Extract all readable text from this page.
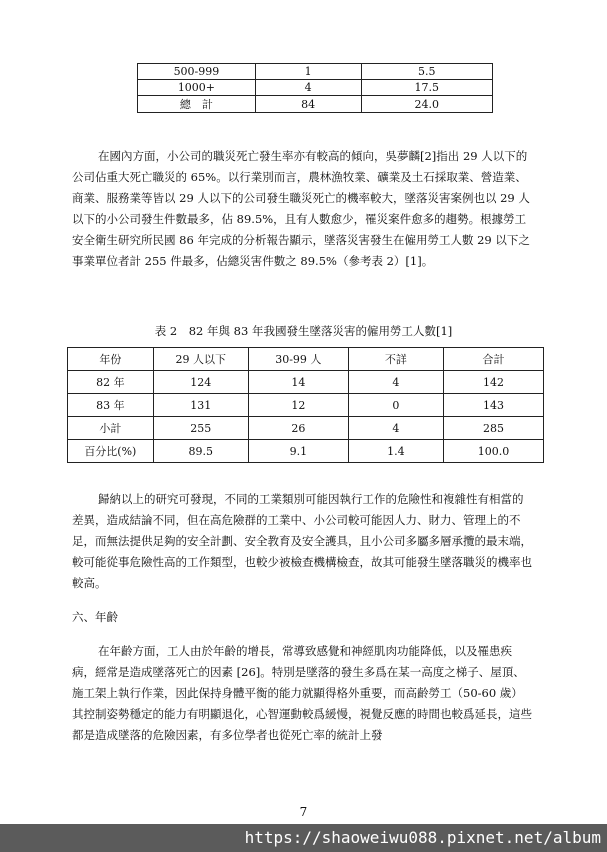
500-999	1	5.5
1000+	4	17.5
總　計	84	24.0

在國內方面，小公司的職災死亡發生率亦有較高的傾向，吳夢麟[2]指出 29 人以下的公司佔重大死亡職災的 65%。以行業別而言，農林漁牧業、礦業及土石採取業、營造業、商業、服務業等皆以 29 人以下的公司發生職災死亡的機率較大，墜落災害案例也以 29 人以下的小公司發生件數最多，佔 89.5%，且有人數愈少，罹災案件愈多的趨勢。根據勞工安全衛生研究所民國 86 年完成的分析報告顯示，墜落災害發生在僱用勞工人數 29 以下之事業單位者計 255 件最多，佔總災害件數之 89.5%（參考表 2）[1]。

表 2　82 年與 83 年我國發生墜落災害的僱用勞工人數[1]
年份	29 人以下	30-99 人	不詳	合計
82 年	124	14	4	142
83 年	131	12	0	143
小計	255	26	4	285
百分比(%)	89.5	9.1	1.4	100.0

歸納以上的研究可發現，不同的工業類別可能因執行工作的危險性和複雜性有相當的差異，造成結論不同，但在高危險群的工業中、小公司較可能因人力、財力、管理上的不足，而無法提供足夠的安全計劃、安全教育及安全護具，且小公司多屬多層承攬的最末端，較可能從事危險性高的工作類型，也較少被檢查機構檢查，故其可能發生墜落職災的機率也較高。

六、年齡

在年齡方面，工人由於年齡的增長，常導致感覺和神經肌肉功能降低，以及罹患疾病，經常是造成墜落死亡的因素 [26]。特別是墜落的發生多爲在某一高度之梯子、屋頂、施工架上執行作業，因此保持身體平衡的能力就顯得格外重要，而高齡勞工（50-60 歲）其控制姿勢穩定的能力有明顯退化，心智運動較爲緩慢，視覺反應的時間也較爲延長，這些都是造成墜落的危險因素，有多位學者也從死亡率的統計上發

7
https://shaoweiwu088.pixnet.net/album
